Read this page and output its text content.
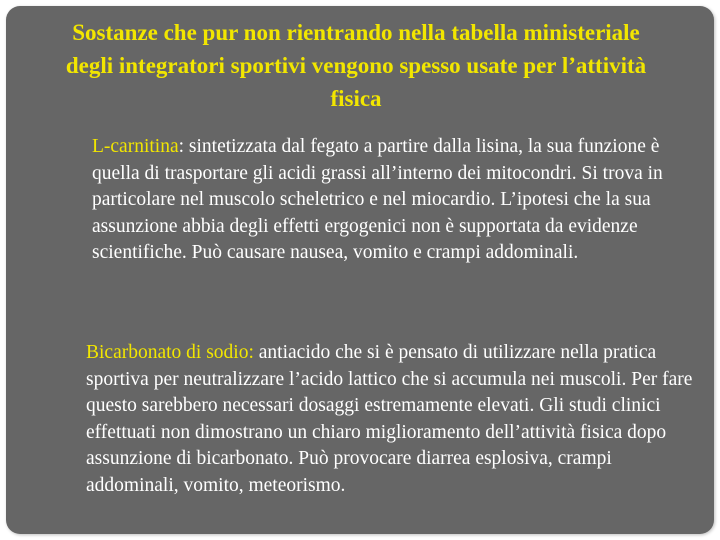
Sostanze che pur non rientrando nella tabella ministeriale degli integratori sportivi vengono spesso usate per l’attività fisica

L-carnitina: sintetizzata dal fegato a partire dalla lisina, la sua funzione è quella di trasportare gli acidi grassi all’interno dei mitocondri. Si trova in particolare nel muscolo scheletrico e nel miocardio. L’ipotesi che la sua assunzione abbia degli effetti ergogenici non è supportata da evidenze scientifiche. Può causare nausea, vomito e crampi addominali.

Bicarbonato di sodio: antiacido che si è pensato di utilizzare nella pratica sportiva per neutralizzare l’acido lattico che si accumula nei muscoli. Per fare questo sarebbero necessari dosaggi estremamente elevati. Gli studi clinici effettuati non dimostrano un chiaro miglioramento dell’attività fisica dopo assunzione di bicarbonato. Può provocare diarrea esplosiva, crampi addominali, vomito, meteorismo.
